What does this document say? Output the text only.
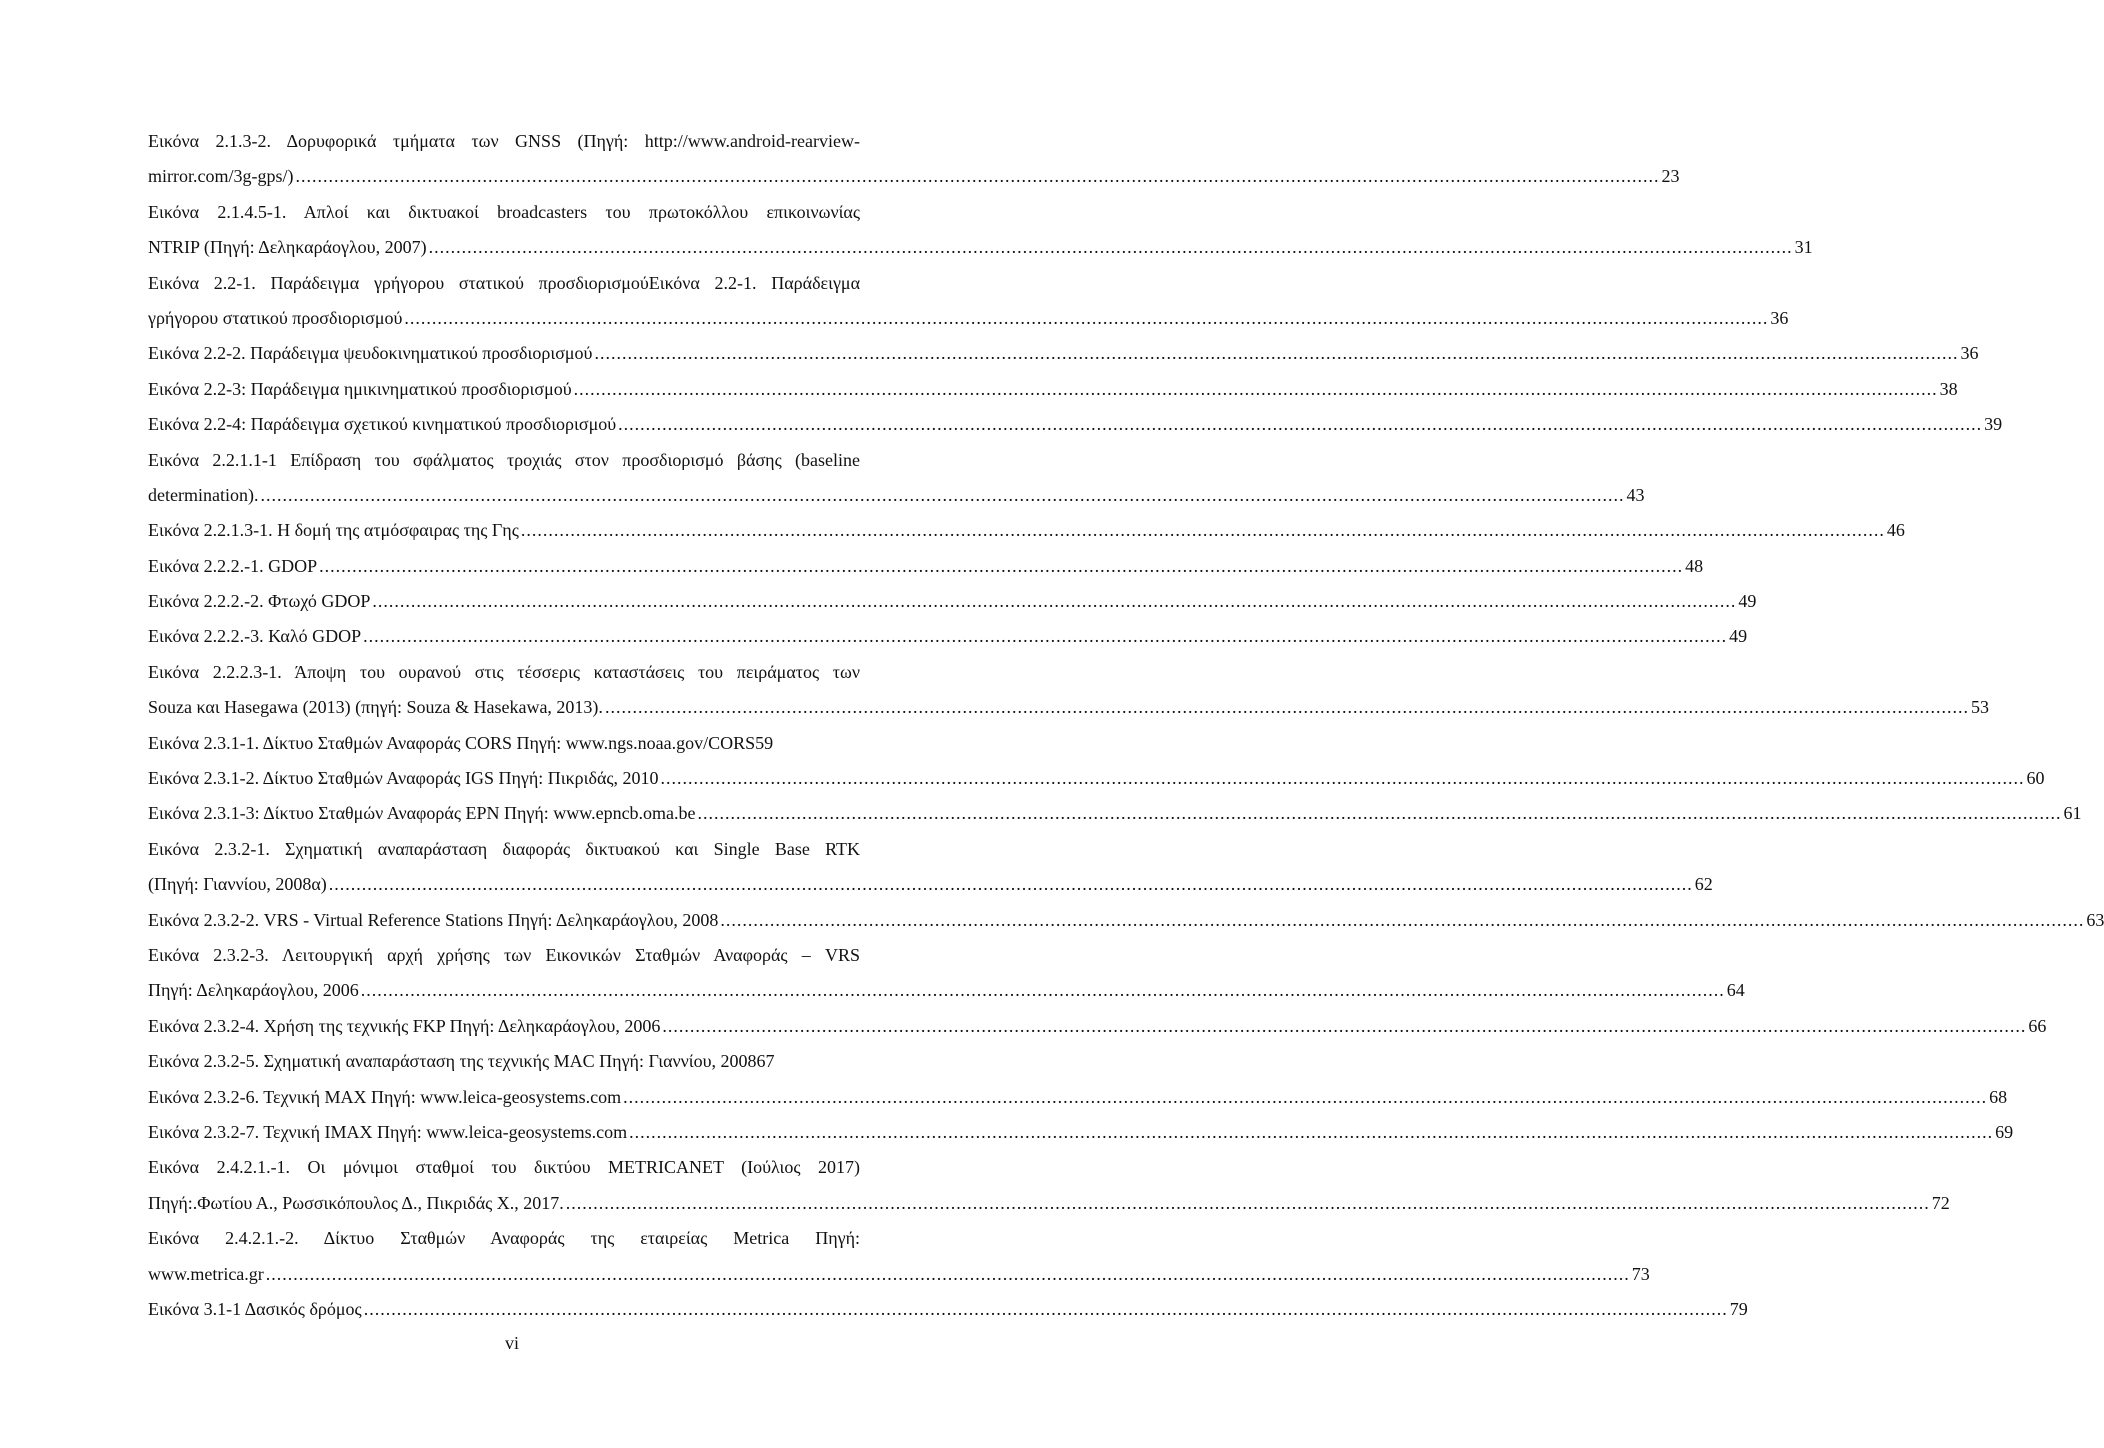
Εικόνα 2.1.3-2. Δορυφορικά τμήματα των GNSS (Πηγή: http://www.android-rearview-
mirror.com/3g-gps/) .....	23
Εικόνα 2.1.4.5-1. Απλοί και δικτυακοί broadcasters του πρωτοκόλλου επικοινωνίας
NTRIP (Πηγή: Δεληκαράογλου, 2007) .....	31
Εικόνα 2.2-1. Παράδειγμα γρήγορου στατικού προσδιορισμούΕικόνα 2.2-1. Παράδειγμα
γρήγορου στατικού προσδιορισμού .....	36
Εικόνα 2.2-2. Παράδειγμα ψευδοκινηματικού προσδιορισμού .....	36
Εικόνα 2.2-3: Παράδειγμα ημικινηματικού προσδιορισμού .....	38
Εικόνα 2.2-4: Παράδειγμα σχετικού κινηματικού προσδιορισμού .....	39
Εικόνα 2.2.1.1-1 Επίδραση του σφάλματος τροχιάς στον προσδιορισμό βάσης (baseline
determination). .....	43
Εικόνα 2.2.1.3-1. Η δομή της ατμόσφαιρας της Γης .....	46
Εικόνα 2.2.2.-1. GDOP .....	48
Εικόνα 2.2.2.-2. Φτωχό GDOP .....	49
Εικόνα 2.2.2.-3. Καλό GDOP .....	49
Εικόνα 2.2.2.3-1. Άποψη του ουρανού στις τέσσερις καταστάσεις του πειράματος των
Souza και Hasegawa (2013) (πηγή: Souza & Hasekawa, 2013). .....	53
Εικόνα 2.3.1-1. Δίκτυο Σταθμών Αναφοράς CORS Πηγή: www.ngs.noaa.gov/CORS 59
Εικόνα 2.3.1-2. Δίκτυο Σταθμών Αναφοράς IGS Πηγή: Πικριδάς, 2010 .....	60
Εικόνα 2.3.1-3: Δίκτυο Σταθμών Αναφοράς EPN Πηγή: www.epncb.oma.be .....	61
Εικόνα 2.3.2-1. Σχηματική αναπαράσταση διαφοράς δικτυακού και Single Base RTK
(Πηγή: Γιαννίου, 2008α) .....	62
Εικόνα 2.3.2-2. VRS - Virtual Reference Stations Πηγή: Δεληκαράογλου, 2008 .....	63
Εικόνα 2.3.2-3. Λειτουργική αρχή χρήσης των Εικονικών Σταθμών Αναφοράς – VRS
Πηγή: Δεληκαράογλου, 2006 .....	64
Εικόνα 2.3.2-4. Χρήση της τεχνικής FKP Πηγή: Δεληκαράογλου, 2006 .....	66
Εικόνα 2.3.2-5. Σχηματική αναπαράσταση της τεχνικής MAC Πηγή: Γιαννίου, 2008 67
Εικόνα 2.3.2-6. Τεχνική MAX Πηγή: www.leica-geosystems.com .....	68
Εικόνα 2.3.2-7. Τεχνική IMAX Πηγή: www.leica-geosystems.com .....	69
Εικόνα 2.4.2.1.-1. Οι μόνιμοι σταθμοί του δικτύου METRICANET (Ιούλιος 2017)
Πηγή:.Φωτίου Α., Ρωσσικόπουλος Δ., Πικριδάς Χ., 2017. .....	72
Εικόνα 2.4.2.1.-2. Δίκτυο Σταθμών Αναφοράς της εταιρείας Metrica Πηγή:
www.metrica.gr .....	73
Εικόνα 3.1-1 Δασικός δρόμος .....	79
vi
